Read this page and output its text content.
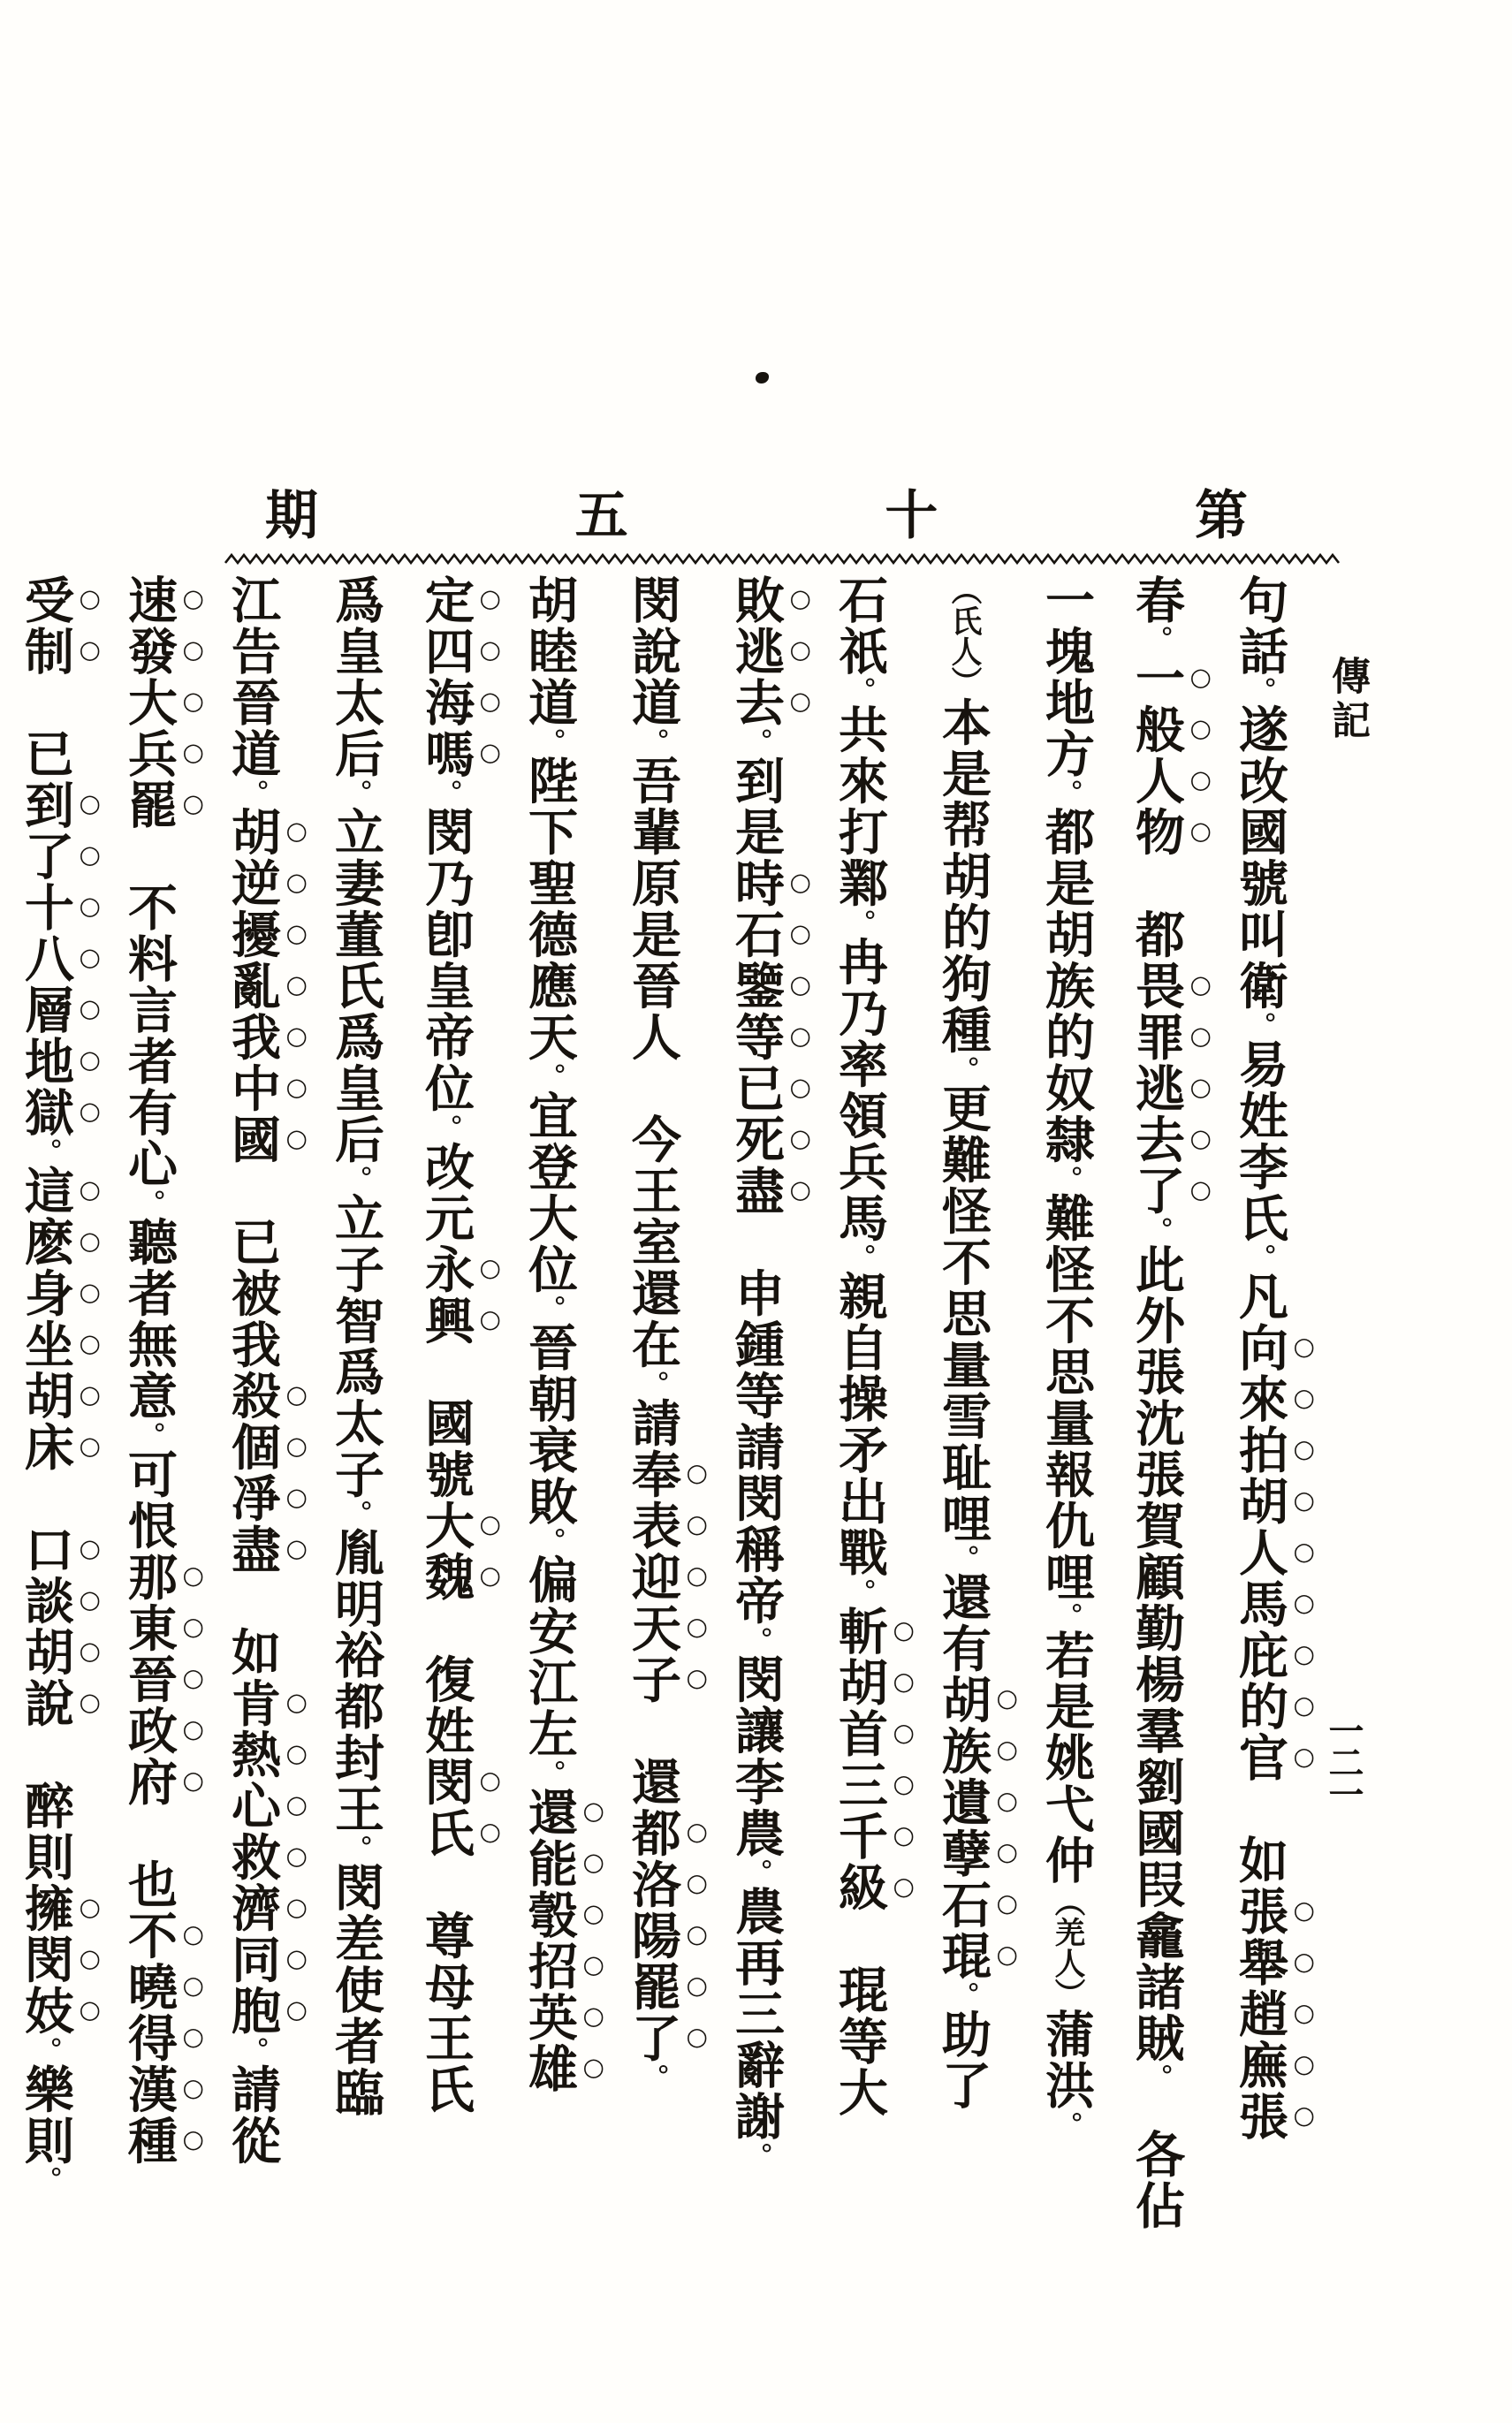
第
十
五
期
傳記
一二一
句話。遂改國號叫衛。易姓李氏。凡向來拍胡人馬庇的官　如張舉趙廡張
春。一般人物　都畏罪逃去了。此外張沈張賀顧勤楊羣劉國叚龕諸賊。　各佔
一塊地方。都是胡族的奴隸。難怪不思量報仇哩。若是姚弋仲（羌人）蒲洪。
（氏人）本是帮胡的狗種。更難怪不思量雪耻哩。還有胡族遺孽石琨。助了
石祇。共來打鄴。冉乃率領兵馬。親自操矛出戰。斬胡首三千級　琨等大
敗逃去。到是時石鑒等已死盡　申鍾等請閔稱帝。閔讓李農。農再三辭謝。
閔說道。吾輩原是晉人　今王室還在。請奉表迎天子　還都洛陽罷了。
胡睦道。陛下聖德應天。宜登大位。晉朝衰敗。偏安江左。還能彀招英雄
定四海嗎。閔乃卽皇帝位。改元永興　國號大魏　復姓閔氏　尊母王氏
爲皇太后。立妻董氏爲皇后。立子智爲太子。胤明裕都封王。閔差使者臨
江告晉道。胡逆擾亂我中國　已被我殺個凈盡　如肯熱心救濟同胞。請從
速發大兵罷　不料言者有心。聽者無意。可恨那東晉政府　也不曉得漢種
受制　已到了十八層地獄。這麽身坐胡床　口談胡說　醉則擁閔妓。樂則。
